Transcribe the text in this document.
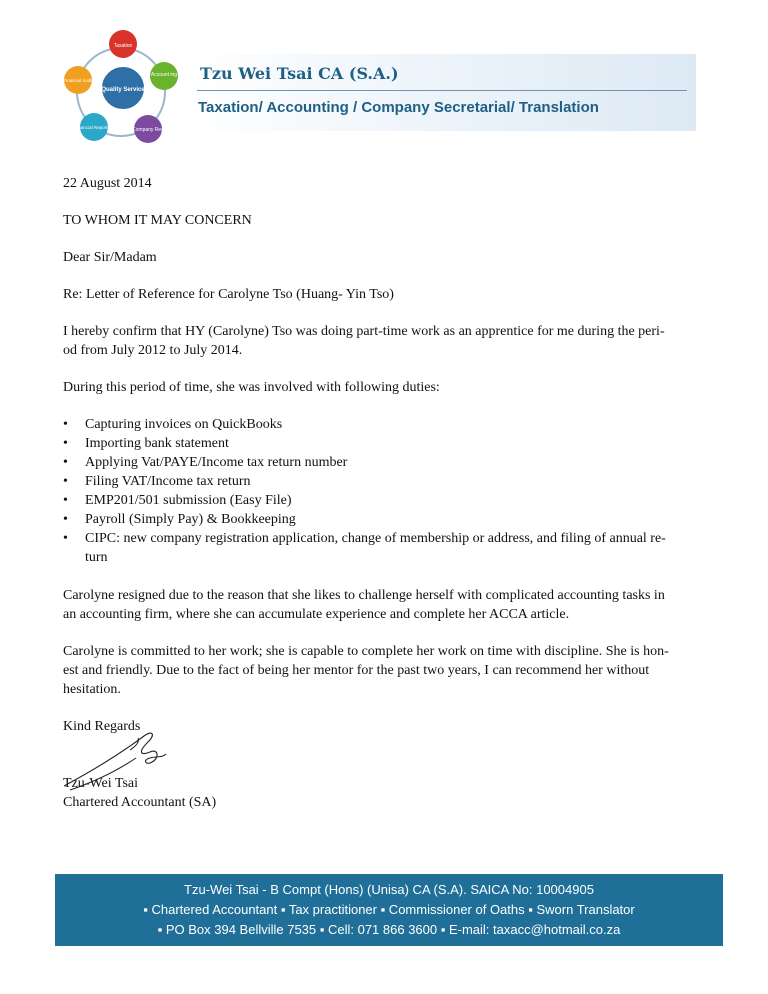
Taxation
Account ing
Company Reg
Financial Reporting
Financial Audit
Quality Service
Tzu Wei Tsai CA (S.A.)
Taxation/ Accounting / Company Secretarial/ Translation

22 August 2014

TO WHOM IT MAY CONCERN

Dear Sir/Madam

Re: Letter of Reference for Carolyne Tso (Huang- Yin Tso)

I hereby confirm that HY (Carolyne) Tso was doing part-time work as an apprentice for me during the peri-
od from July 2012 to July 2014.

During this period of time, she was involved with following duties:

• Capturing invoices on QuickBooks
• Importing bank statement
• Applying Vat/PAYE/Income tax return number
• Filing VAT/Income tax return
• EMP201/501 submission (Easy File)
• Payroll (Simply Pay) & Bookkeeping
• CIPC: new company registration application, change of membership or address, and filing of annual re-
turn

Carolyne resigned due to the reason that she likes to challenge herself with complicated accounting tasks in
an accounting firm, where she can accumulate experience and complete her ACCA article.

Carolyne is committed to her work; she is capable to complete her work on time with discipline. She is hon-
est and friendly. Due to the fact of being her mentor for the past two years, I can recommend her without
hesitation.

Kind Regards

Tzu-Wei Tsai

Chartered Accountant (SA)

Tzu-Wei Tsai - B Compt (Hons) (Unisa) CA (S.A). SAICA No: 10004905
▪ Chartered Accountant ▪ Tax practitioner ▪ Commissioner of Oaths ▪ Sworn Translator
▪ PO Box 394 Bellville 7535 ▪ Cell: 071 866 3600 ▪ E-mail: taxacc@hotmail.co.za
